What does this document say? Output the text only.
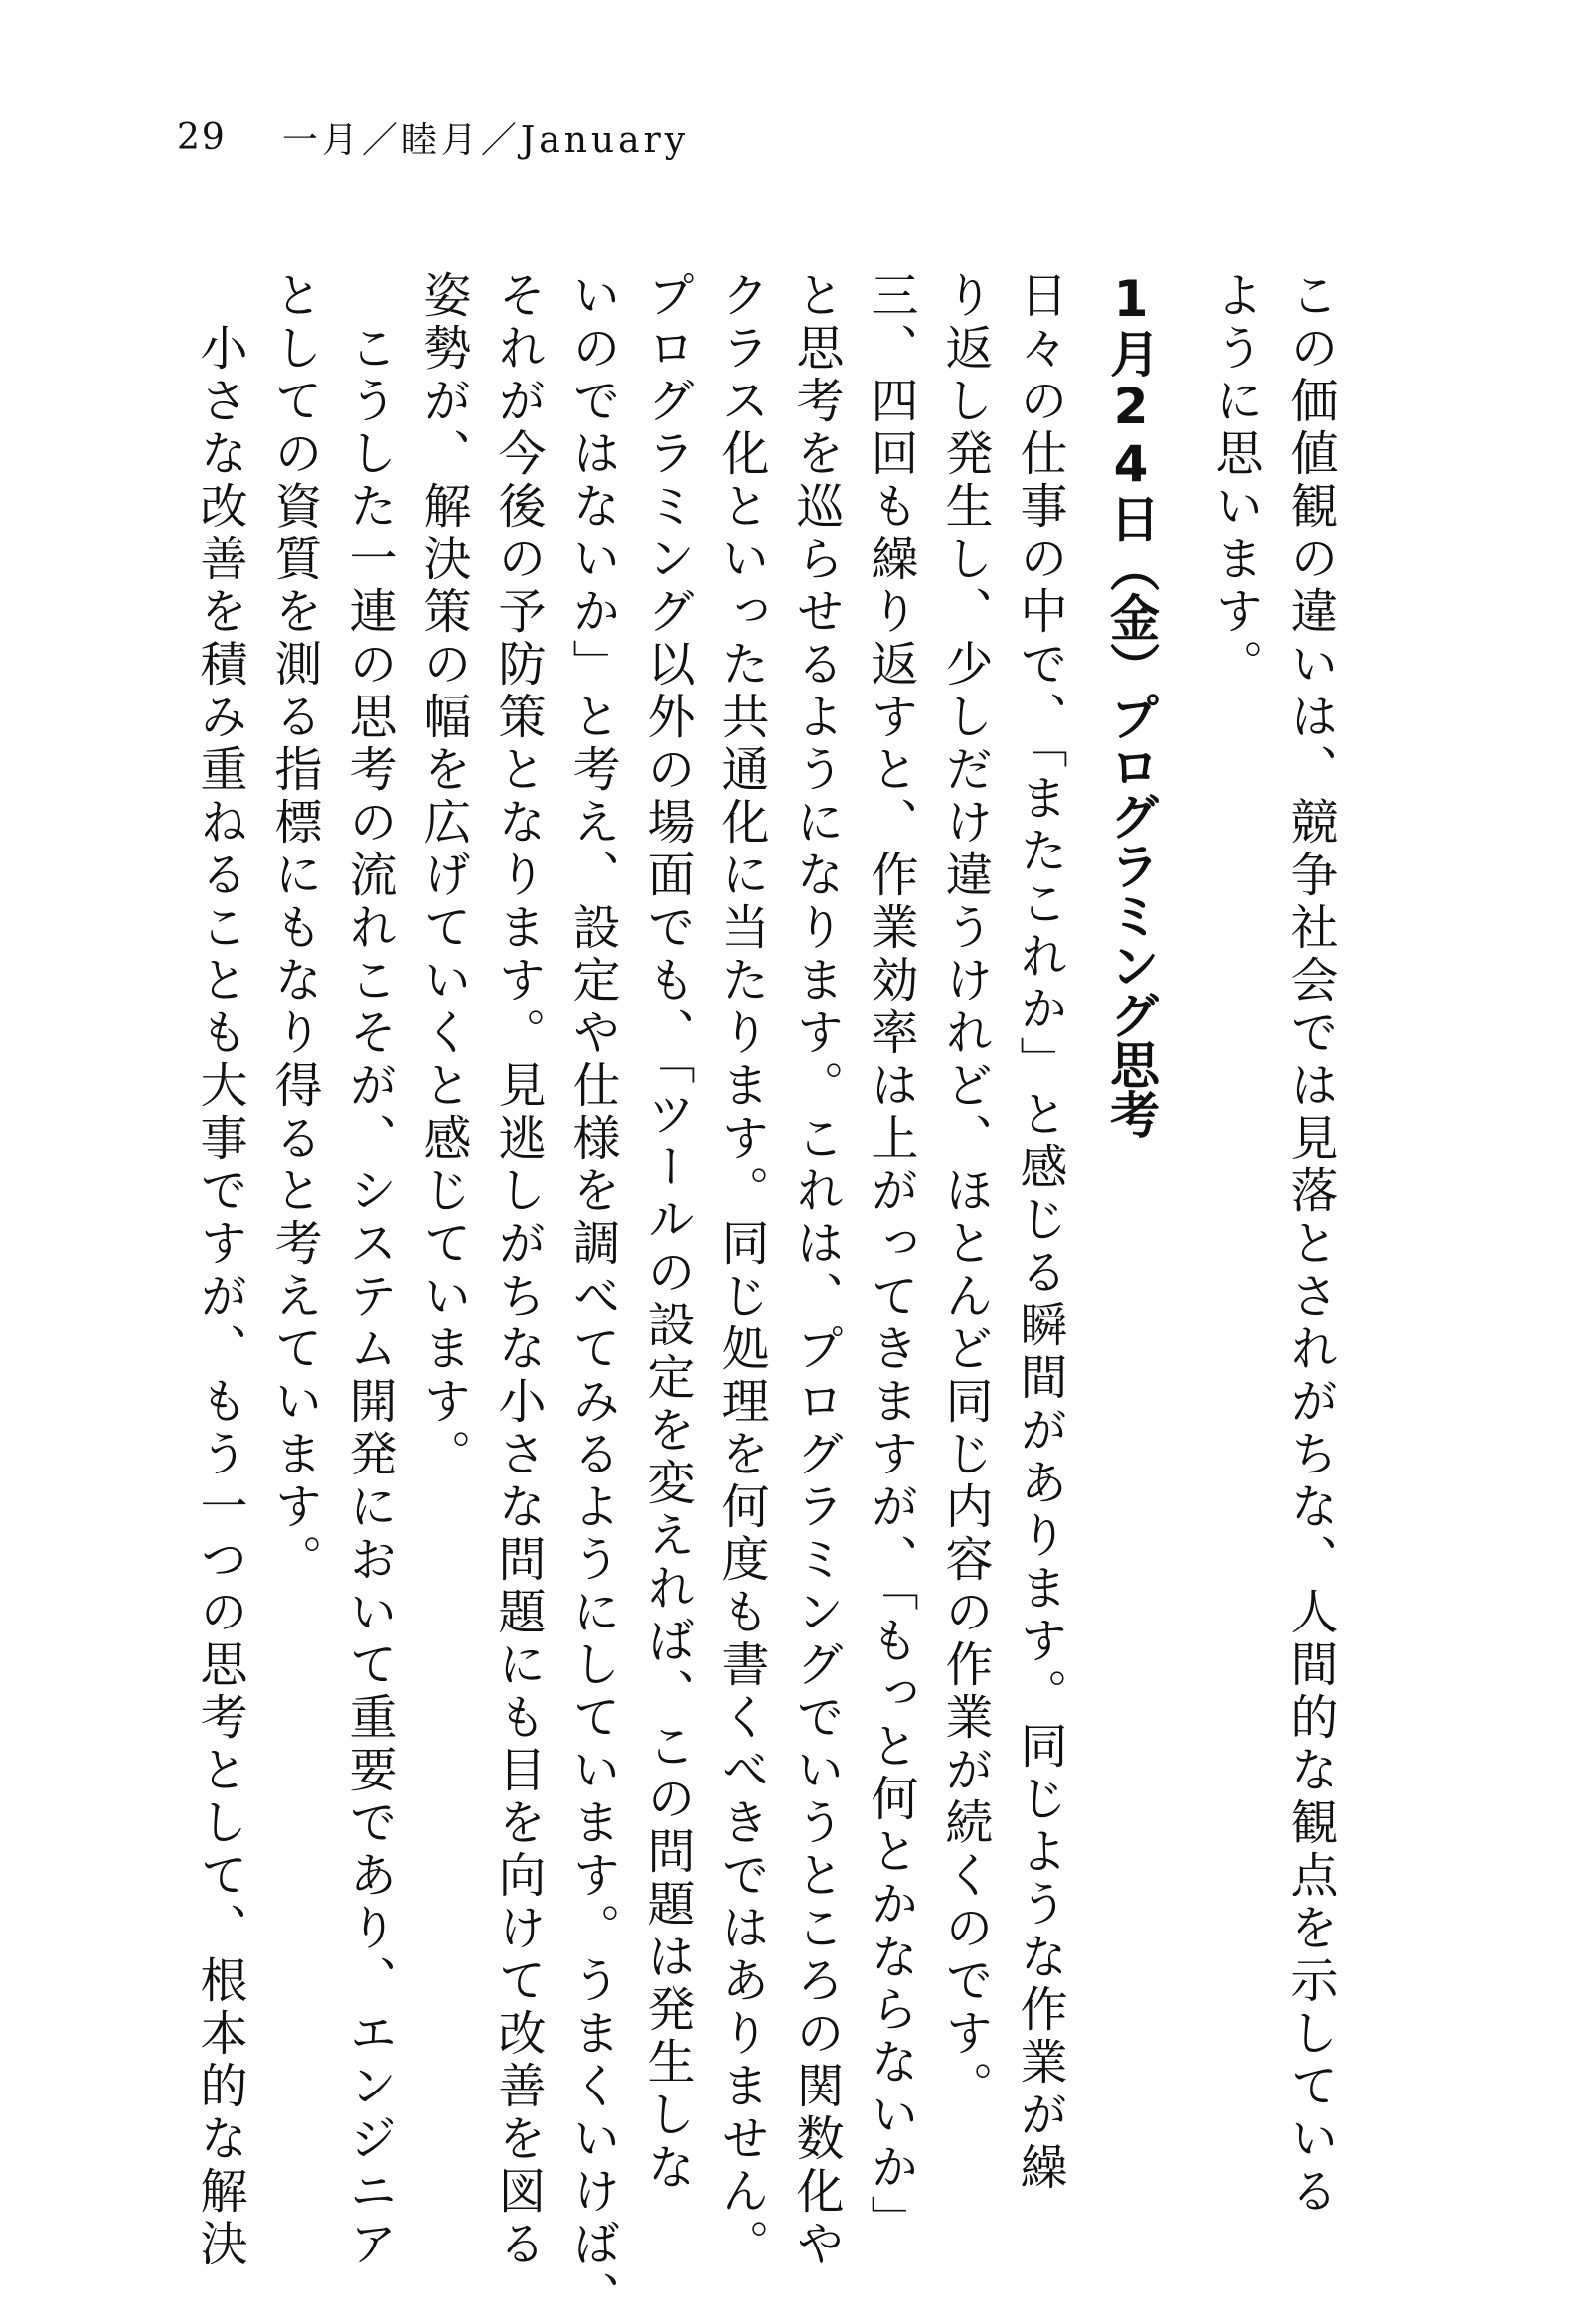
29 一月／睦月／January
この価値観の違いは、競争社会では見落とされがちな、人間的な観点を示している
ように思います。
1月24日（金）プログラミング思考
日々の仕事の中で、「またこれか」と感じる瞬間があります。同じような作業が繰
り返し発生し、少しだけ違うけれど、ほとんど同じ内容の作業が続くのです。
三、四回も繰り返すと、作業効率は上がってきますが、「もっと何とかならないか」
と思考を巡らせるようになります。これは、プログラミングでいうところの関数化や
クラス化といった共通化に当たります。同じ処理を何度も書くべきではありません。
プログラミング以外の場面でも、「ツールの設定を変えれば、この問題は発生しな
いのではないか」と考え、設定や仕様を調べてみるようにしています。うまくいけば、
それが今後の予防策となります。見逃しがちな小さな問題にも目を向けて改善を図る
姿勢が、解決策の幅を広げていくと感じています。
　こうした一連の思考の流れこそが、システム開発において重要であり、エンジニア
としての資質を測る指標にもなり得ると考えています。
　小さな改善を積み重ねることも大事ですが、もう一つの思考として、根本的な解決
